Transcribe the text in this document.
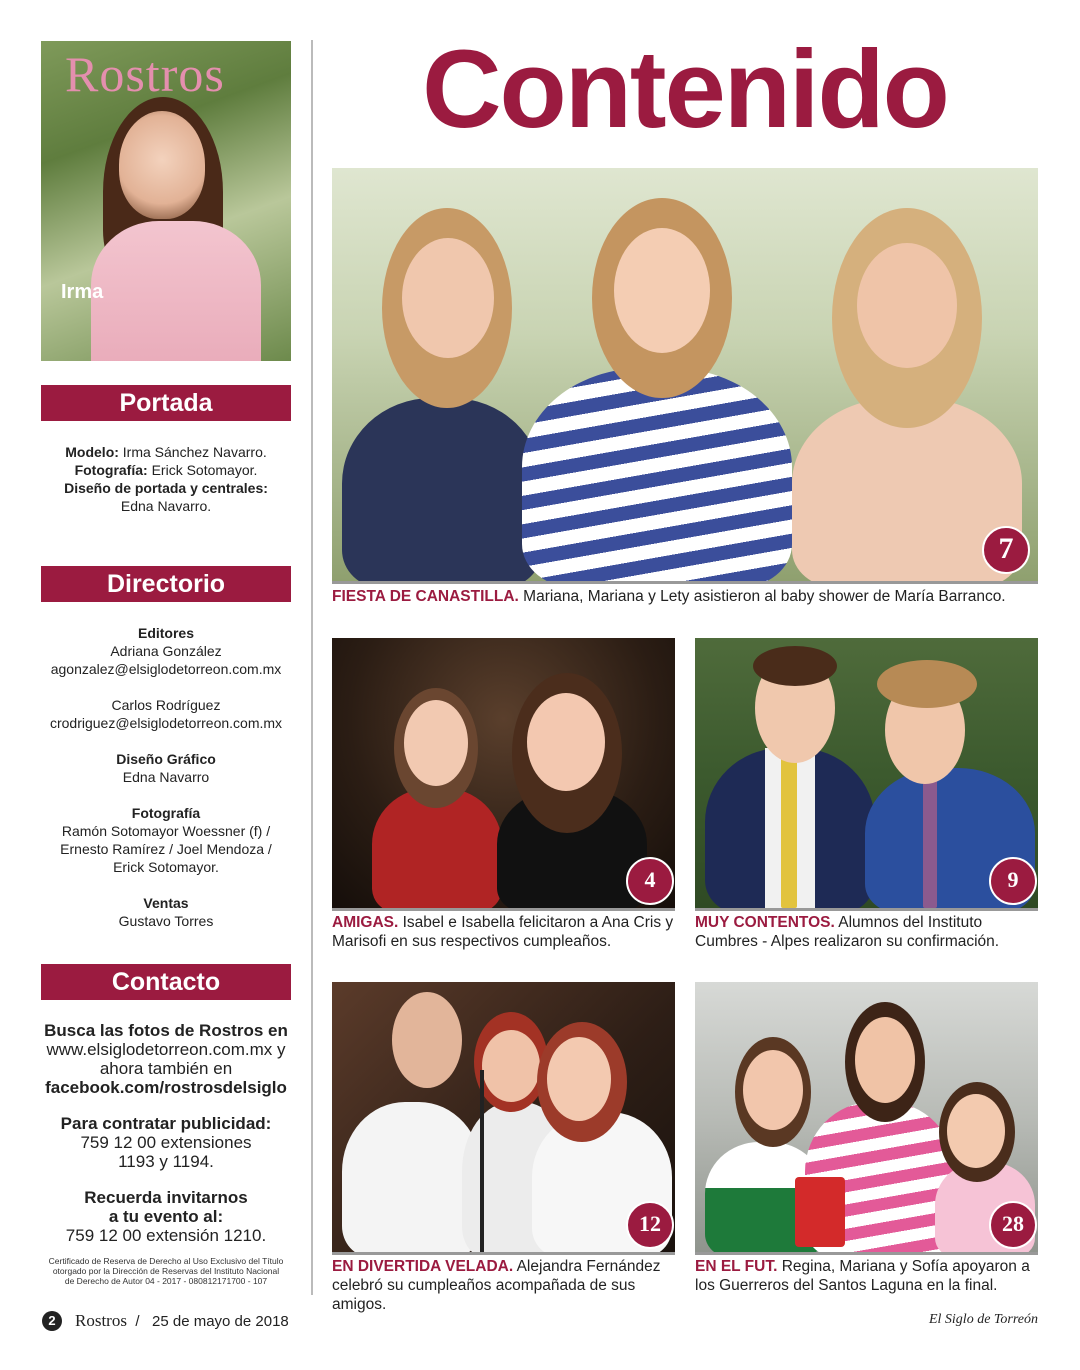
Rostros
Irma
Portada

Modelo: Irma Sánchez Navarro.

Fotografía: Erick Sotomayor.

Diseño de portada y centrales:

Edna Navarro.

Directorio

Editores

Adriana González

agonzalez@elsiglodetorreon.com.mx

Carlos Rodríguez

crodriguez@elsiglodetorreon.com.mx

Diseño Gráfico

Edna Navarro

Fotografía

Ramón Sotomayor Woessner (f) /

Ernesto Ramírez / Joel Mendoza /

Erick Sotomayor.

Ventas

Gustavo Torres

Contacto

Busca las fotos de Rostros en

www.elsiglodetorreon.com.mx y

ahora también en

facebook.com/rostrosdelsiglo

Para contratar publicidad:

759 12 00 extensiones

1193 y 1194.

Recuerda invitarnos

a tu evento al:

759 12 00 extensión 1210.

Certificado de Reserva de Derecho al Uso Exclusivo del Título
otorgado por la Dirección de Reservas del Instituto Nacional
de Derecho de Autor 04 - 2017 - 080812171700 - 107
Contenido
7
FIESTA DE CANASTILLA. Mariana, Mariana y Lety asistieron al baby shower de María Barranco.
4
AMIGAS. Isabel e Isabella felicitaron a Ana Cris y Marisofi en sus respectivos cumpleaños.
9
MUY CONTENTOS. Alumnos del Instituto Cumbres - Alpes realizaron su confirmación.
12
EN DIVERTIDA VELADA. Alejandra Fernández celebró su cumpleaños acompañada de sus amigos.
28
EN EL FUT. Regina, Mariana y Sofía apoyaron a los Guerreros del Santos Laguna en la final.
2	Rostros / 25 de mayo de 2018	El Siglo de Torreón
